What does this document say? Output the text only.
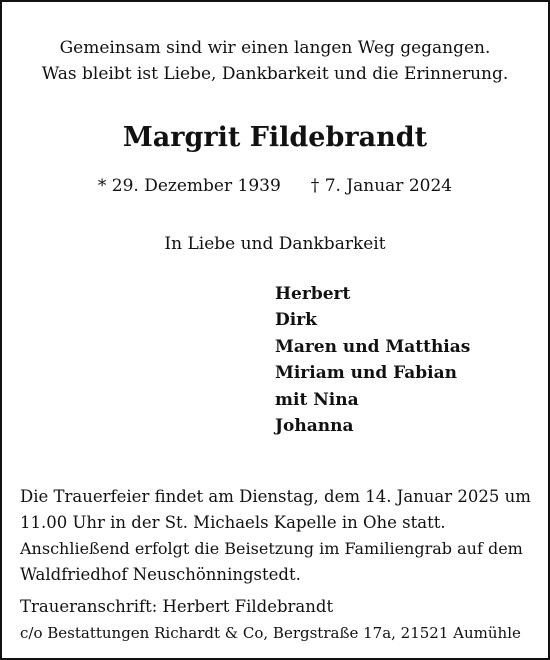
Gemeinsam sind wir einen langen Weg gegangen.
Was bleibt ist Liebe, Dankbarkeit und die Erinnerung.
Margrit Fildebrandt
* 29. Dezember 1939 † 7. Januar 2024
In Liebe und Dankbarkeit
Herbert
Dirk
Maren und Matthias
Miriam und Fabian
mit Nina
Johanna
Die Trauerfeier findet am Dienstag, dem 14. Januar 2025 um
11.00 Uhr in der St. Michaels Kapelle in Ohe statt.
Anschließend erfolgt die Beisetzung im Familiengrab auf dem
Waldfriedhof Neuschönningstedt.
Traueranschrift: Herbert Fildebrandt
c/o Bestattungen Richardt & Co, Bergstraße 17a, 21521 Aumühle
